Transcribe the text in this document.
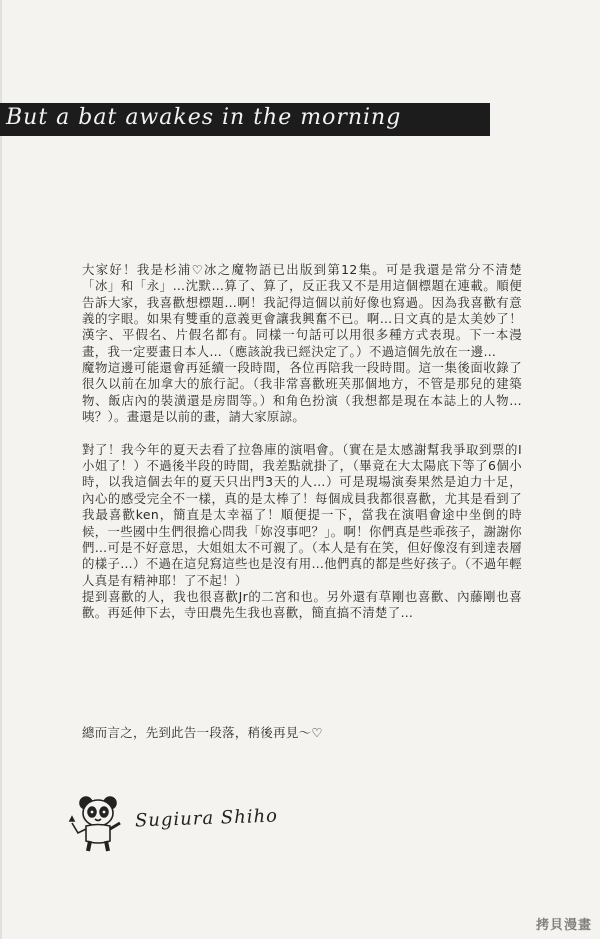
But a bat awakes in the morning

大家好！我是杉浦♡冰之魔物語已出版到第12集。可是我還是常分不清楚「冰」和「永」…沈默…算了、算了，反正我又不是用這個標題在連載。順便告訴大家，我喜歡想標題…啊！我記得這個以前好像也寫過。因為我喜歡有意義的字眼。如果有雙重的意義更會讓我興奮不已。啊…日文真的是太美妙了！漢字、平假名、片假名都有。同樣一句話可以用很多種方式表現。下一本漫畫，我一定要畫日本人…（應該說我已經決定了。）不過這個先放在一邊…

魔物這邊可能還會再延續一段時間，各位再陪我一段時間。這一集後面收錄了很久以前在加拿大的旅行記。（我非常喜歡班芙那個地方，不管是那兒的建築物、飯店內的裝潢還是房間等。）和角色扮演（我想都是現在本誌上的人物…咦？）。畫還是以前的畫，請大家原諒。

對了！我今年的夏天去看了拉魯庫的演唱會。（實在是太感謝幫我爭取到票的I小姐了！）不過後半段的時間，我差點就掛了，（畢竟在大太陽底下等了6個小時，以我這個去年的夏天只出門3天的人…）可是現場演奏果然是迫力十足，內心的感受完全不一樣，真的是太棒了！每個成員我都很喜歡，尤其是看到了我最喜歡ken，簡直是太幸福了！順便提一下，當我在演唱會途中坐倒的時候，一些國中生們很擔心問我「妳沒事吧？」。啊！你們真是些乖孩子，謝謝你們…可是不好意思，大姐姐太不可親了。（本人是有在笑，但好像沒有到達表層的樣子…）不過在這兒寫這些也是沒有用…他們真的都是些好孩子。（不過年輕人真是有精神耶！了不起！）

提到喜歡的人，我也很喜歡Jr的二宮和也。另外還有草剛也喜歡、內藤剛也喜歡。再延伸下去，寺田農先生我也喜歡，簡直搞不清楚了…

總而言之，先到此告一段落，稍後再見～♡
Sugiura Shiho
拷貝漫畫
